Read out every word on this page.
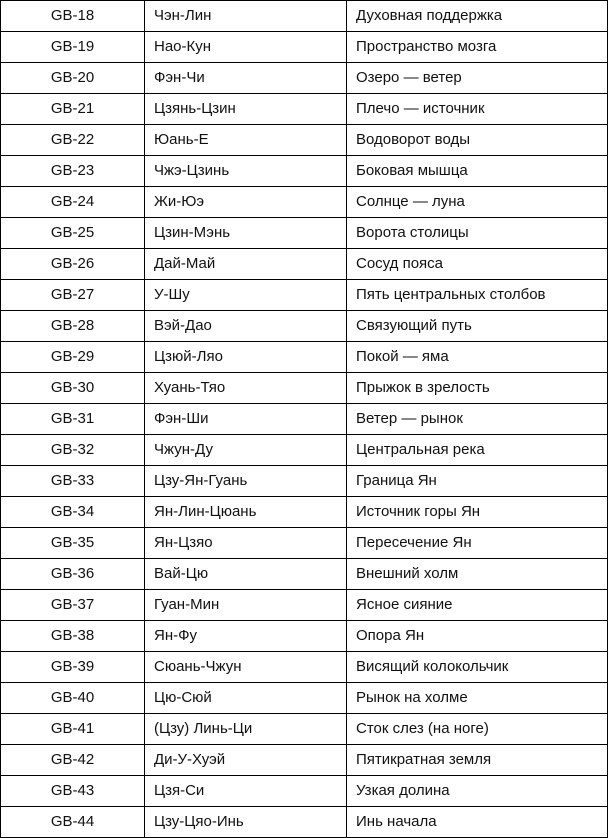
GB-18	Чэн-Лин	Духовная поддержка
GB-19	Нао-Кун	Пространство мозга
GB-20	Фэн-Чи	Озеро — ветер
GB-21	Цзянь-Цзин	Плечо — источник
GB-22	Юань-Е	Водоворот воды
GB-23	Чжэ-Цзинь	Боковая мышца
GB-24	Жи-Юэ	Солнце — луна
GB-25	Цзин-Мэнь	Ворота столицы
GB-26	Дай-Май	Сосуд пояса
GB-27	У-Шу	Пять центральных столбов
GB-28	Вэй-Дао	Связующий путь
GB-29	Цзюй-Ляо	Покой — яма
GB-30	Хуань-Тяо	Прыжок в зрелость
GB-31	Фэн-Ши	Ветер — рынок
GB-32	Чжун-Ду	Центральная река
GB-33	Цзу-Ян-Гуань	Граница Ян
GB-34	Ян-Лин-Цюань	Источник горы Ян
GB-35	Ян-Цзяо	Пересечение Ян
GB-36	Вай-Цю	Внешний холм
GB-37	Гуан-Мин	Ясное сияние
GB-38	Ян-Фу	Опора Ян
GB-39	Сюань-Чжун	Висящий колокольчик
GB-40	Цю-Сюй	Рынок на холме
GB-41	(Цзу) Линь-Ци	Сток слез (на ноге)
GB-42	Ди-У-Хуэй	Пятикратная земля
GB-43	Цзя-Си	Узкая долина
GB-44	Цзу-Цяо-Инь	Инь начала
